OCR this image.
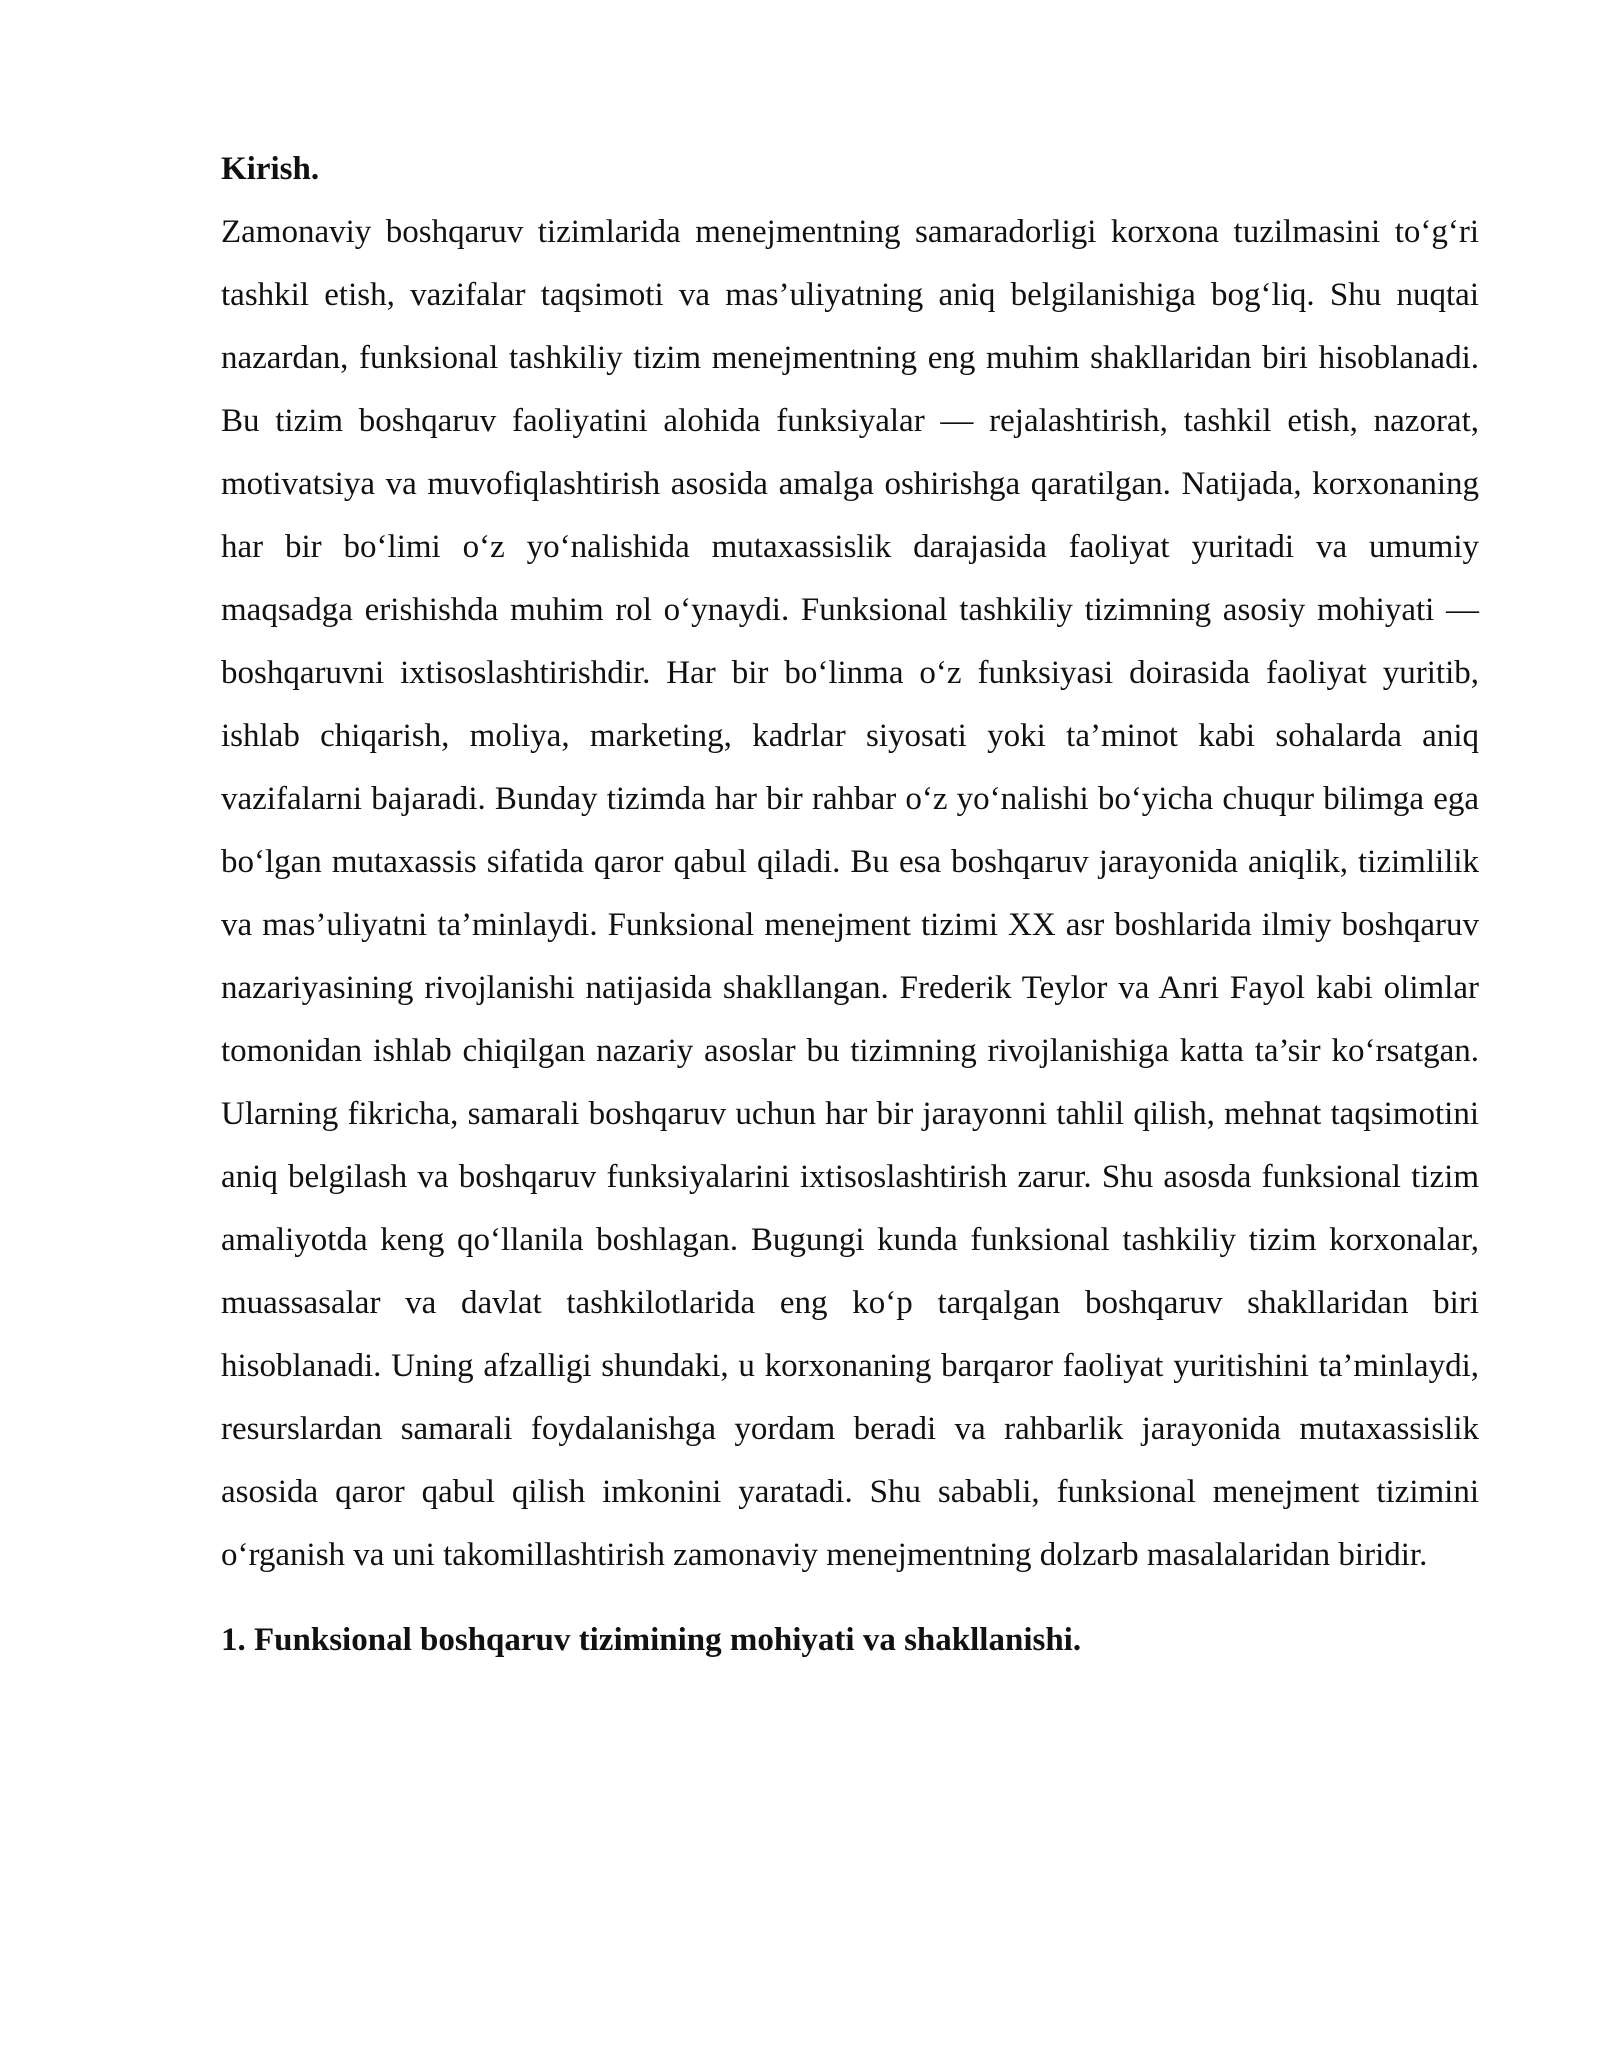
Kirish.

Zamonaviy boshqaruv tizimlarida menejmentning samaradorligi korxona tuzilmasini to‘g‘ri tashkil etish, vazifalar taqsimoti va mas’uliyatning aniq belgilanishiga bog‘liq. Shu nuqtai nazardan, funksional tashkiliy tizim menejmentning eng muhim shakllaridan biri hisoblanadi. Bu tizim boshqaruv faoliyatini alohida funksiyalar — rejalashtirish, tashkil etish, nazorat, motivatsiya va muvofiqlashtirish asosida amalga oshirishga qaratilgan. Natijada, korxonaning har bir bo‘limi o‘z yo‘nalishida mutaxassislik darajasida faoliyat yuritadi va umumiy maqsadga erishishda muhim rol o‘ynaydi. Funksional tashkiliy tizimning asosiy mohiyati — boshqaruvni ixtisoslashtirishdir. Har bir bo‘linma o‘z funksiyasi doirasida faoliyat yuritib, ishlab chiqarish, moliya, marketing, kadrlar siyosati yoki ta’minot kabi sohalarda aniq vazifalarni bajaradi. Bunday tizimda har bir rahbar o‘z yo‘nalishi bo‘yicha chuqur bilimga ega bo‘lgan mutaxassis sifatida qaror qabul qiladi. Bu esa boshqaruv jarayonida aniqlik, tizimlilik va mas’uliyatni ta’minlaydi. Funksional menejment tizimi XX asr boshlarida ilmiy boshqaruv nazariyasining rivojlanishi natijasida shakllangan. Frederik Teylor va Anri Fayol kabi olimlar tomonidan ishlab chiqilgan nazariy asoslar bu tizimning rivojlanishiga katta ta’sir ko‘rsatgan. Ularning fikricha, samarali boshqaruv uchun har bir jarayonni tahlil qilish, mehnat taqsimotini aniq belgilash va boshqaruv funksiyalarini ixtisoslashtirish zarur. Shu asosda funksional tizim amaliyotda keng qo‘llanila boshlagan. Bugungi kunda funksional tashkiliy tizim korxonalar, muassasalar va davlat tashkilotlarida eng ko‘p tarqalgan boshqaruv shakllaridan biri hisoblanadi. Uning afzalligi shundaki, u korxonaning barqaror faoliyat yuritishini ta’minlaydi, resurslardan samarali foydalanishga yordam beradi va rahbarlik jarayonida mutaxassislik asosida qaror qabul qilish imkonini yaratadi. Shu sababli, funksional menejment tizimini o‘rganish va uni takomillashtirish zamonaviy menejmentning dolzarb masalalaridan biridir.

1. Funksional boshqaruv tizimining mohiyati va shakllanishi.
